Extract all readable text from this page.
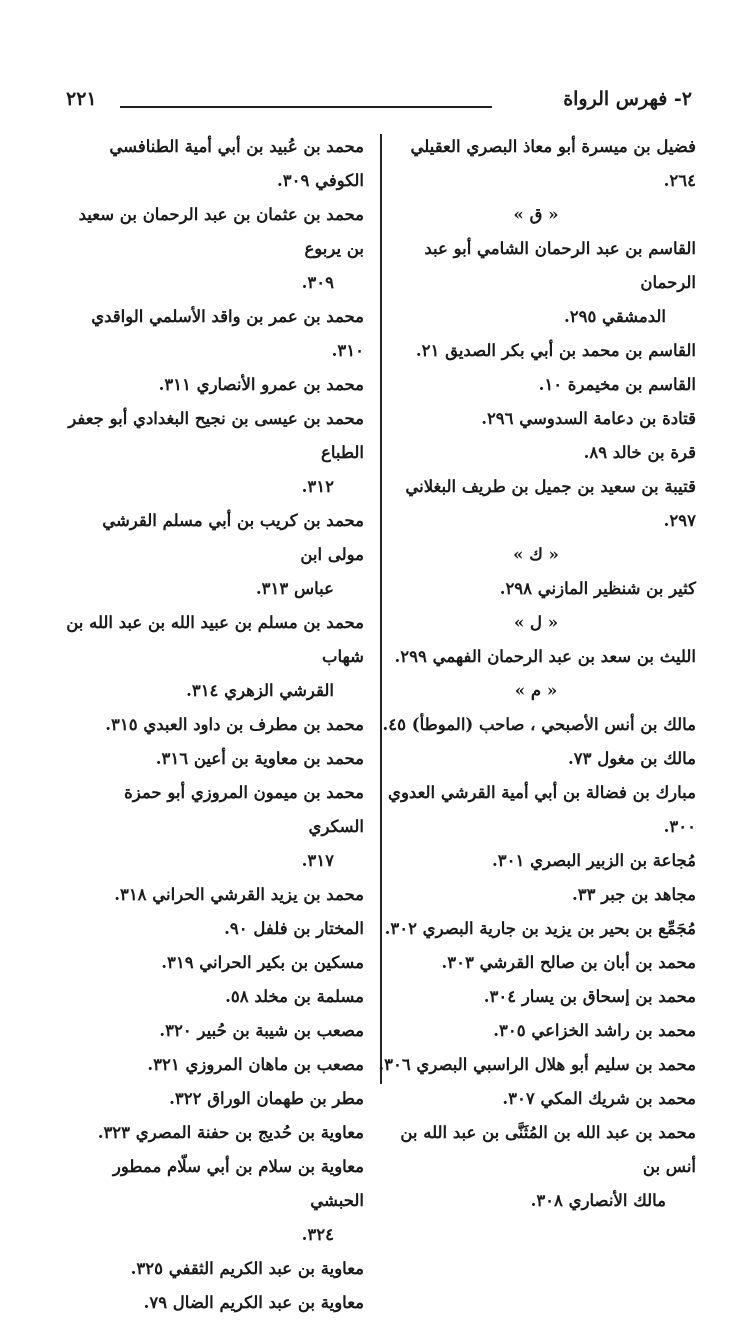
٢- فهرس الرواة
٢٢١
فضيل بن ميسرة أبو معاذ البصري العقيلي ٢٦٤.
« ق »
القاسم بن عبد الرحمان الشامي أبو عبد الرحمان
الدمشقي ٢٩٥.
القاسم بن محمد بن أبي بكر الصديق ٢١.
القاسم بن مخيمرة ١٠.
قتادة بن دعامة السدوسي ٢٩٦.
قرة بن خالد ٨٩.
قتيبة بن سعيد بن جميل بن طريف البغلاني ٢٩٧.
« ك »
كثير بن شنظير المازني ٢٩٨.
« ل »
الليث بن سعد بن عبد الرحمان الفهمي ٢٩٩.
« م »
مالك بن أنس الأصبحي ، صاحب (الموطأ) ٤٥.
مالك بن مغول ٧٣.
مبارك بن فضالة بن أبي أمية القرشي العدوي ٣٠٠.
مُجاعة بن الزبير البصري ٣٠١.
مجاهد بن جبر ٣٣.
مُجَمِّع بن بحير بن يزيد بن جارية البصري ٣٠٢.
محمد بن أبان بن صالح القرشي ٣٠٣.
محمد بن إسحاق بن يسار ٣٠٤.
محمد بن راشد الخزاعي ٣٠٥.
محمد بن سليم أبو هلال الراسبي البصري ٣٠٦.
محمد بن شريك المكي ٣٠٧.
محمد بن عبد الله بن المُثَنَّى بن عبد الله بن أنس بن
مالك الأنصاري ٣٠٨.
محمد بن عُبيد بن أبي أمية الطنافسي الكوفي ٣٠٩.
محمد بن عثمان بن عبد الرحمان بن سعيد بن يربوع
٣٠٩.
محمد بن عمر بن واقد الأسلمي الواقدي ٣١٠.
محمد بن عمرو الأنصاري ٣١١.
محمد بن عيسى بن نجيح البغدادي أبو جعفر الطباع
٣١٢.
محمد بن كريب بن أبي مسلم القرشي مولى ابن
عباس ٣١٣.
محمد بن مسلم بن عبيد الله بن عبد الله بن شهاب
القرشي الزهري ٣١٤.
محمد بن مطرف بن داود العبدي ٣١٥.
محمد بن معاوية بن أعين ٣١٦.
محمد بن ميمون المروزي أبو حمزة السكري
٣١٧.
محمد بن يزيد القرشي الحراني ٣١٨.
المختار بن فلفل ٩٠.
مسكين بن بكير الحراني ٣١٩.
مسلمة بن مخلد ٥٨.
مصعب بن شيبة بن حُبير ٣٢٠.
مصعب بن ماهان المروزي ٣٢١.
مطر بن طهمان الوراق ٣٢٢.
معاوية بن حُديج بن حفنة المصري ٣٢٣.
معاوية بن سلام بن أبي سلّام ممطور الحبشي
٣٢٤.
معاوية بن عبد الكريم الثقفي ٣٢٥.
معاوية بن عبد الكريم الضال ٧٩.
